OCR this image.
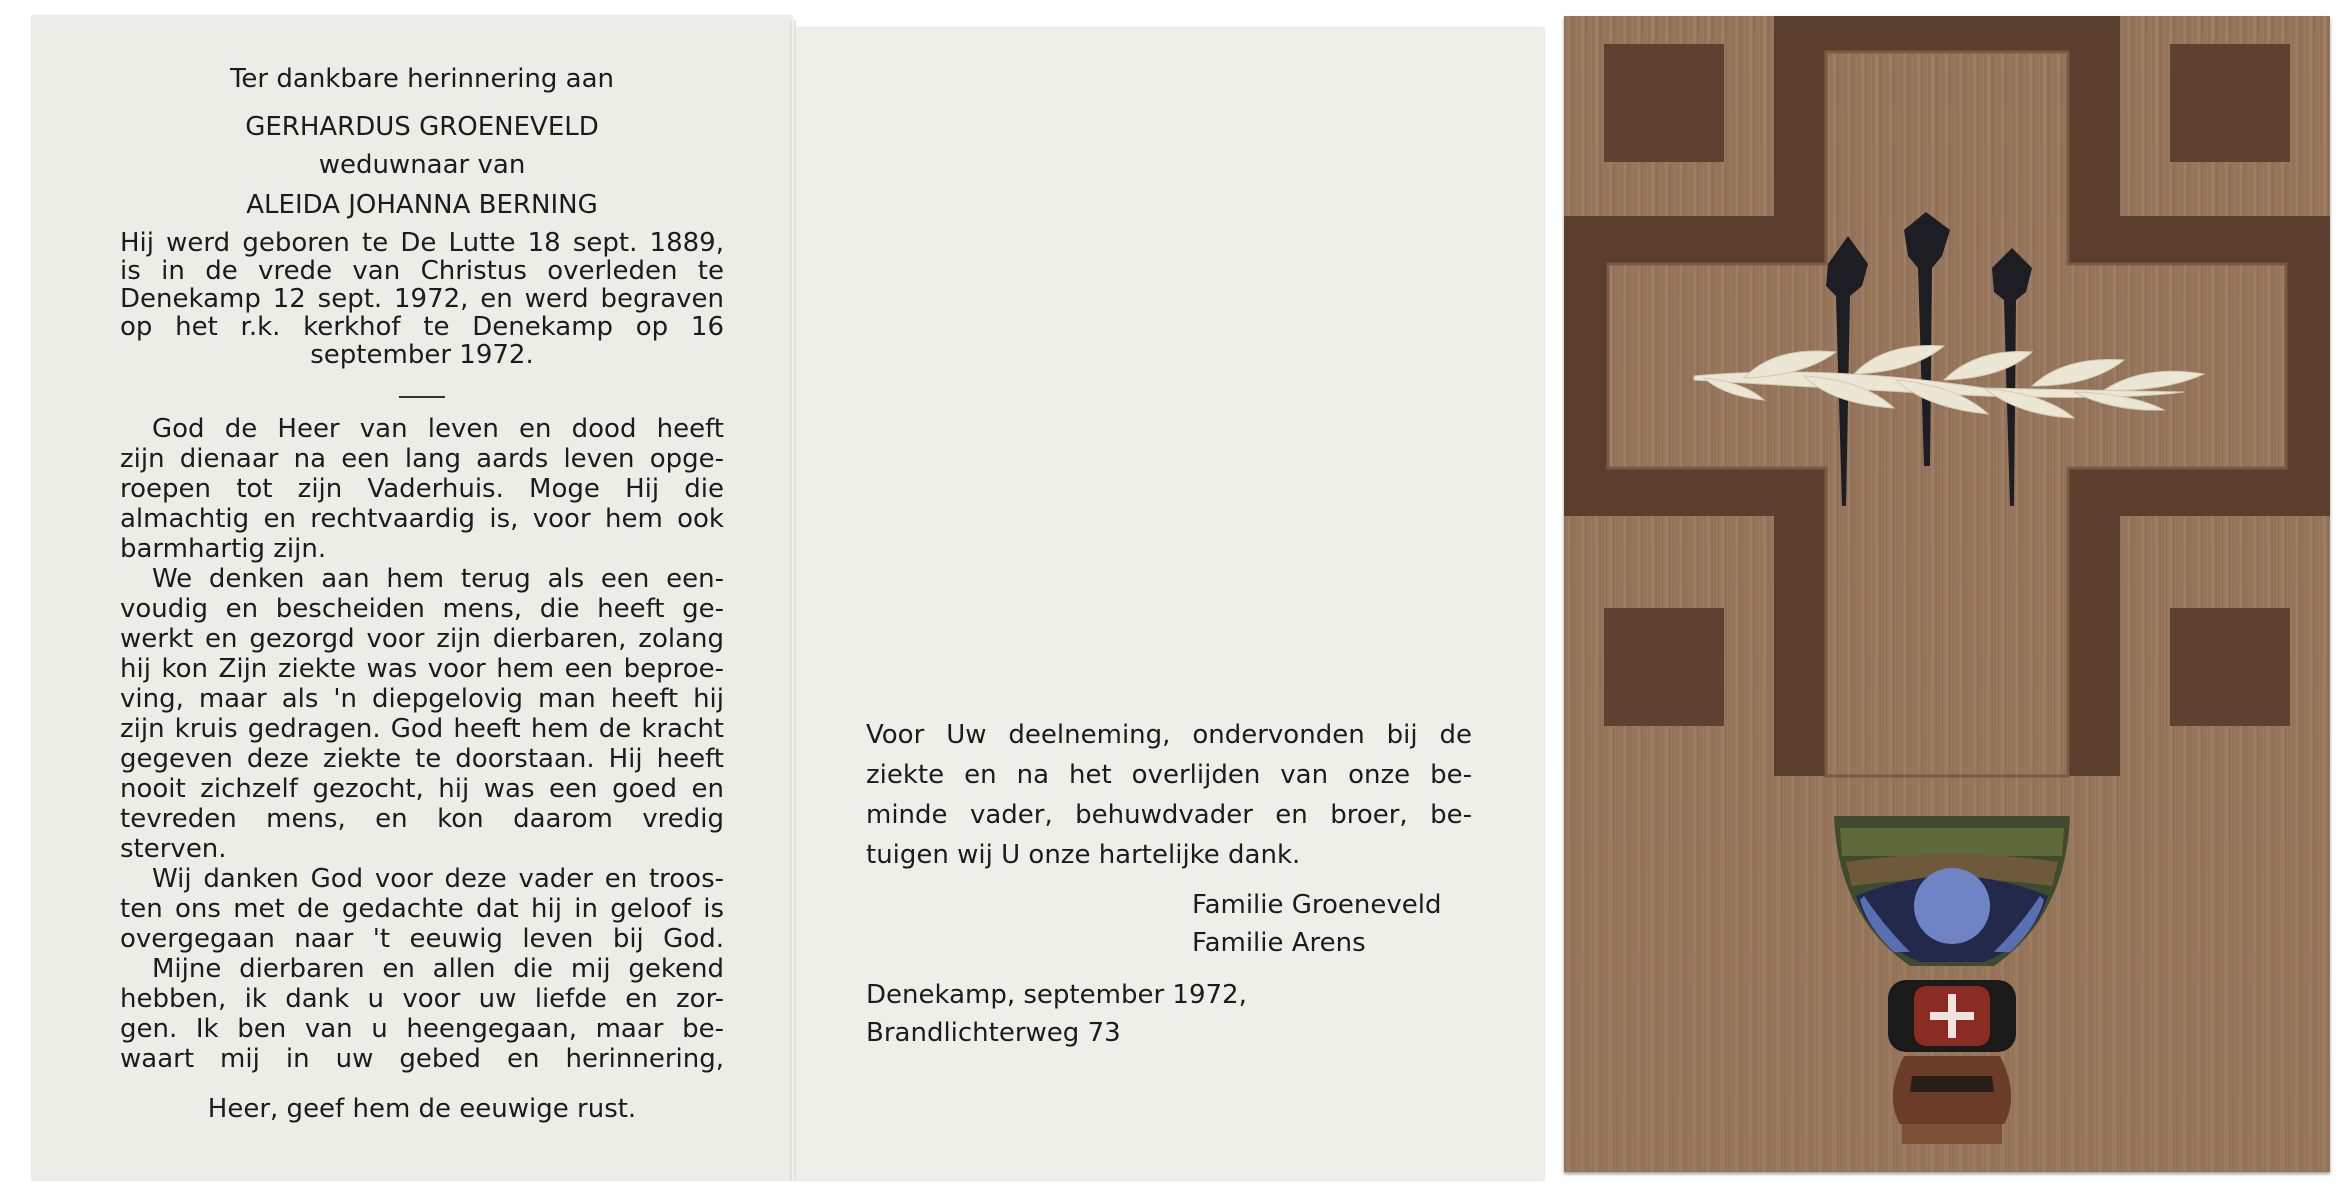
Ter dankbare herinnering aan
GERHARDUS GROENEVELD
weduwnaar van
ALEIDA JOHANNA BERNING
Hij werd geboren te De Lutte 18 sept. 1889,
is in de vrede van Christus overleden te
Denekamp 12 sept. 1972, en werd begraven
op het r.k. kerkhof te Denekamp op 16
september 1972.
God de Heer van leven en dood heeft
zijn dienaar na een lang aards leven opge-
roepen tot zijn Vaderhuis. Moge Hij die
almachtig en rechtvaardig is, voor hem ook
barmhartig zijn.
We denken aan hem terug als een een-
voudig en bescheiden mens, die heeft ge-
werkt en gezorgd voor zijn dierbaren, zolang
hij kon Zijn ziekte was voor hem een beproe-
ving, maar als 'n diepgelovig man heeft hij
zijn kruis gedragen. God heeft hem de kracht
gegeven deze ziekte te doorstaan. Hij heeft
nooit zichzelf gezocht, hij was een goed en
tevreden mens, en kon daarom vredig
sterven.
Wij danken God voor deze vader en troos-
ten ons met de gedachte dat hij in geloof is
overgegaan naar 't eeuwig leven bij God.
Mijne dierbaren en allen die mij gekend
hebben, ik dank u voor uw liefde en zor-
gen. Ik ben van u heengegaan, maar be-
waart mij in uw gebed en herinnering,
Heer, geef hem de eeuwige rust.
Voor Uw deelneming, ondervonden bij de
ziekte en na het overlijden van onze be-
minde vader, behuwdvader en broer, be-
tuigen wij U onze hartelijke dank.
Familie Groeneveld
Familie Arens
Denekamp, september 1972,
Brandlichterweg 73
